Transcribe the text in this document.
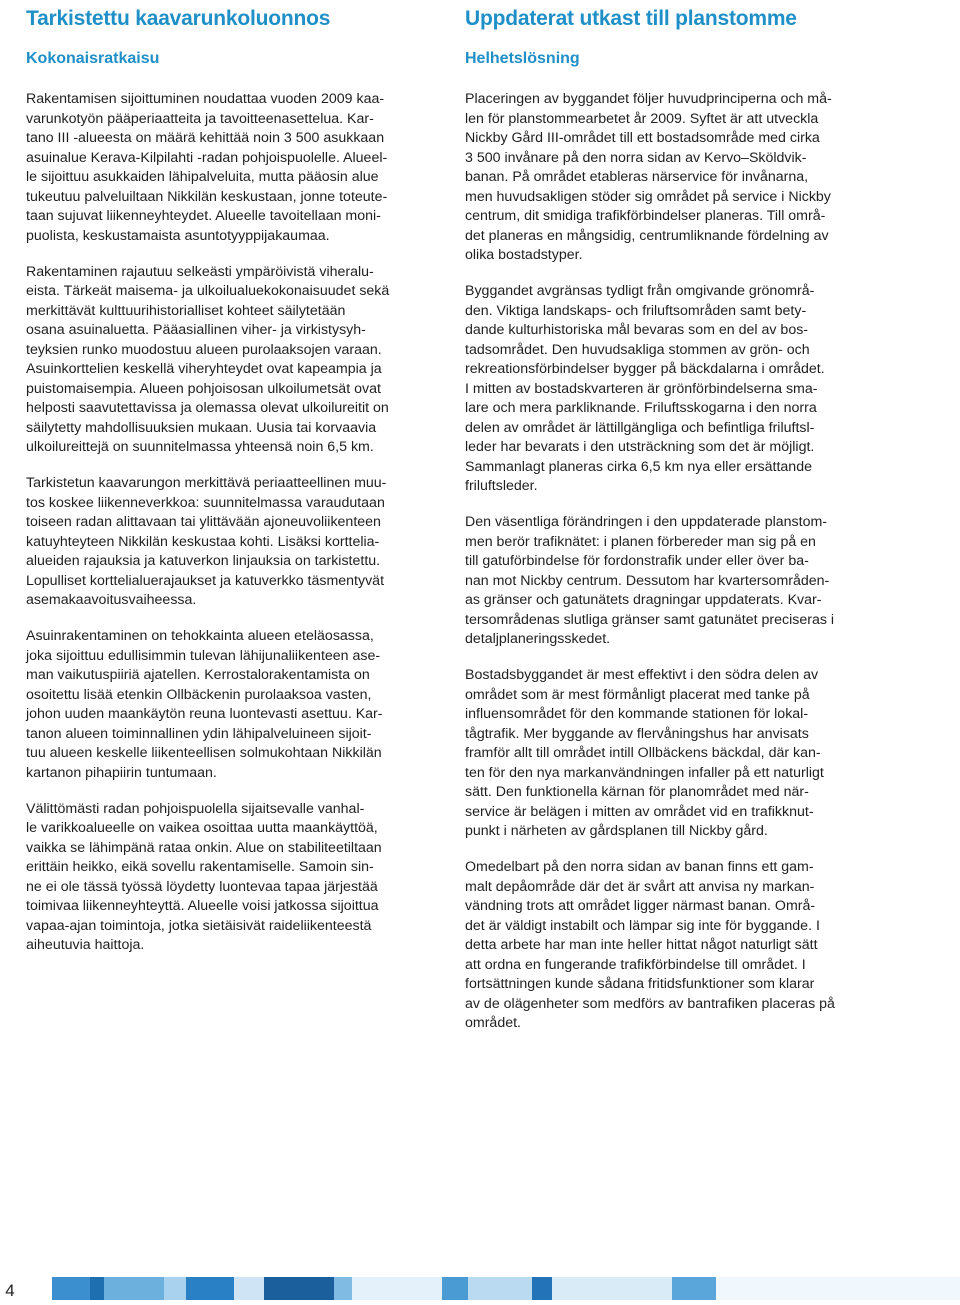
Tarkistettu kaavarunkoluonnos
Kokonaisratkaisu

Rakentamisen sijoittuminen noudattaa vuoden 2009 kaa-
varunkotyön pääperiaatteita ja tavoitteenasettelua. Kar-
tano III -alueesta on määrä kehittää noin 3 500 asukkaan
asuinalue Kerava-Kilpilahti -radan pohjoispuolelle. Alueel-
le sijoittuu asukkaiden lähipalveluita, mutta pääosin alue
tukeutuu palveluiltaan Nikkilän keskustaan, jonne toteute-
taan sujuvat liikenneyhteydet. Alueelle tavoitellaan moni-
puolista, keskustamaista asuntotyyppijakaumaa.

Rakentaminen rajautuu selkeästi ympäröivistä viheralu-
eista. Tärkeät maisema- ja ulkoilualuekokonaisuudet sekä
merkittävät kulttuurihistorialliset kohteet säilytetään
osana asuinaluetta. Pääasiallinen viher- ja virkistysyh-
teyksien runko muodostuu alueen purolaaksojen varaan.
Asuinkorttelien keskellä viheryhteydet ovat kapeampia ja
puistomaisempia. Alueen pohjoisosan ulkoilumetsät ovat
helposti saavutettavissa ja olemassa olevat ulkoilureitit on
säilytetty mahdollisuuksien mukaan. Uusia tai korvaavia
ulkoilureittejä on suunnitelmassa yhteensä noin 6,5 km.

Tarkistetun kaavarungon merkittävä periaatteellinen muu-
tos koskee liikenneverkkoa: suunnitelmassa varaudutaan
toiseen radan alittavaan tai ylittävään ajoneuvoliikenteen
katuyhteyteen Nikkilän keskustaa kohti. Lisäksi korttelia-
alueiden rajauksia ja katuverkon linjauksia on tarkistettu.
Lopulliset korttelialuerajaukset ja katuverkko täsmentyvät
asemakaavoitusvaiheessa.

Asuinrakentaminen on tehokkainta alueen eteläosassa,
joka sijoittuu edullisimmin tulevan lähijunaliikenteen ase-
man vaikutuspiiriä ajatellen. Kerrostalorakentamista on
osoitettu lisää etenkin Ollbäckenin purolaaksoa vasten,
johon uuden maankäytön reuna luontevasti asettuu. Kar-
tanon alueen toiminnallinen ydin lähipalveluineen sijoit-
tuu alueen keskelle liikenteellisen solmukohtaan Nikkilän
kartanon pihapiirin tuntumaan.

Välittömästi radan pohjoispuolella sijaitsevalle vanhal-
le varikkoalueelle on vaikea osoittaa uutta maankäyttöä,
vaikka se lähimpänä rataa onkin. Alue on stabiliteetiltaan
erittäin heikko, eikä sovellu rakentamiselle. Samoin sin-
ne ei ole tässä työssä löydetty luontevaa tapaa järjestää
toimivaa liikenneyhteyttä. Alueelle voisi jatkossa sijoittua
vapaa-ajan toimintoja, jotka sietäisivät raideliikenteestä
aiheutuvia haittoja.

Uppdaterat utkast till planstomme
Helhetslösning

Placeringen av byggandet följer huvudprinciperna och må-
len för planstommearbetet år 2009. Syftet är att utveckla
Nickby Gård III-området till ett bostadsområde med cirka
3 500 invånare på den norra sidan av Kervo–Sköldvik-
banan. På området etableras närservice för invånarna,
men huvudsakligen stöder sig området på service i Nickby
centrum, dit smidiga trafikförbindelser planeras. Till områ-
det planeras en mångsidig, centrumliknande fördelning av
olika bostadstyper.

Byggandet avgränsas tydligt från omgivande grönområ-
den. Viktiga landskaps- och friluftsområden samt bety-
dande kulturhistoriska mål bevaras som en del av bos-
tadsområdet. Den huvudsakliga stommen av grön- och
rekreationsförbindelser bygger på bäckdalarna i området.
I mitten av bostadskvarteren är grönförbindelserna sma-
lare och mera parkliknande. Friluftsskogarna i den norra
delen av området är lättillgängliga och befintliga friluftsl-
leder har bevarats i den utsträckning som det är möjligt.
Sammanlagt planeras cirka 6,5 km nya eller ersättande
friluftsleder.

Den väsentliga förändringen i den uppdaterade planstom-
men berör trafiknätet: i planen förbereder man sig på en
till gatuförbindelse för fordonstrafik under eller över ba-
nan mot Nickby centrum. Dessutom har kvartersområden-
as gränser och gatunätets dragningar uppdaterats. Kvar-
tersområdenas slutliga gränser samt gatunätet preciseras i
detaljplaneringsskedet.

Bostadsbyggandet är mest effektivt i den södra delen av
området som är mest förmånligt placerat med tanke på
influensområdet för den kommande stationen för lokal-
tågtrafik. Mer byggande av flervåningshus har anvisats
framför allt till området intill Ollbäckens bäckdal, där kan-
ten för den nya markanvändningen infaller på ett naturligt
sätt. Den funktionella kärnan för planområdet med när-
service är belägen i mitten av området vid en trafikknut-
punkt i närheten av gårdsplanen till Nickby gård.

Omedelbart på den norra sidan av banan finns ett gam-
malt depåområde där det är svårt att anvisa ny markan-
vändning trots att området ligger närmast banan. Områ-
det är väldigt instabilt och lämpar sig inte för byggande. I
detta arbete har man inte heller hittat något naturligt sätt
att ordna en fungerande trafikförbindelse till området. I
fortsättningen kunde sådana fritidsfunktioner som klarar
av de olägenheter som medförs av bantrafiken placeras på
området.

4
